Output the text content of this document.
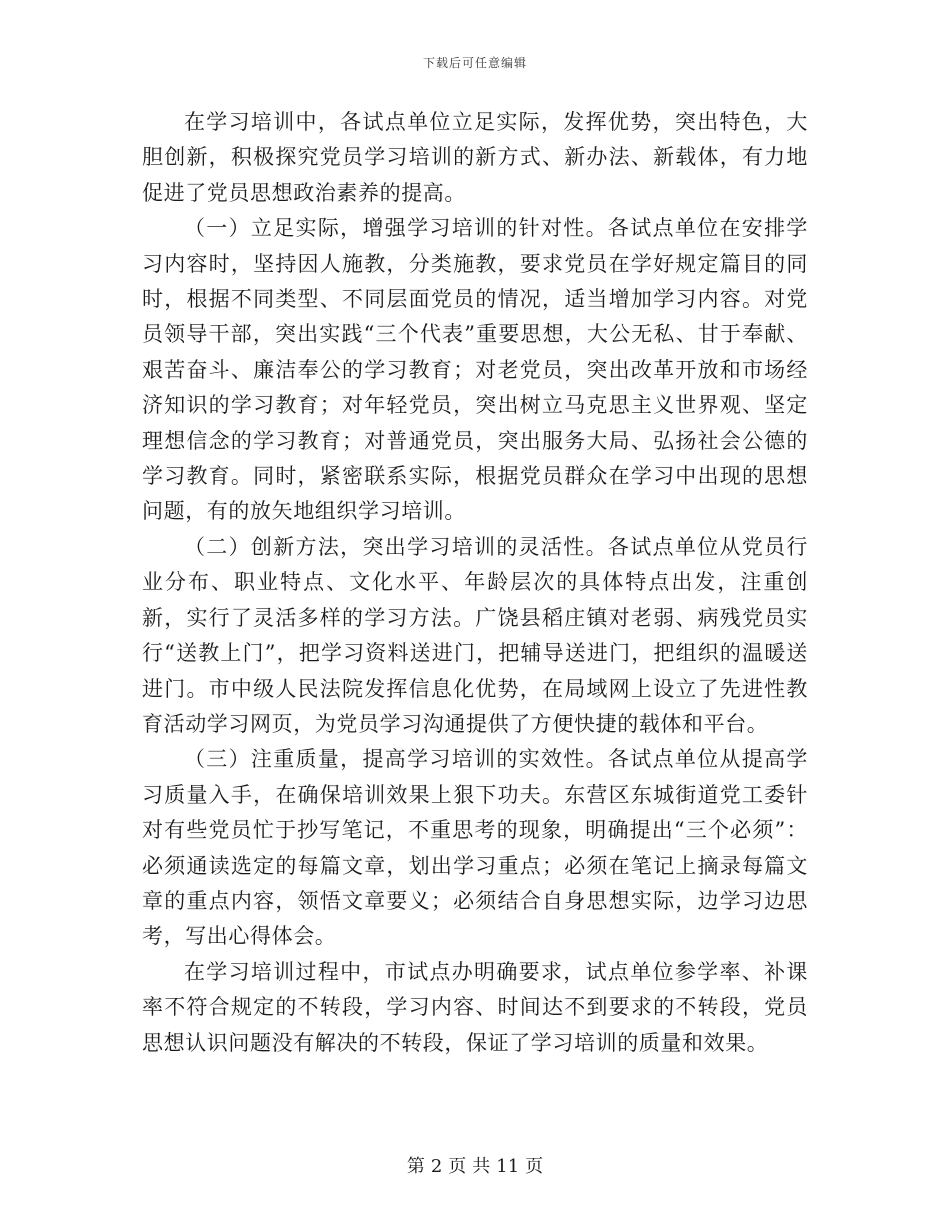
下载后可任意编辑

在学习培训中，各试点单位立足实际，发挥优势，突出特色，大胆创新，积极探究党员学习培训的新方式、新办法、新载体，有力地促进了党员思想政治素养的提高。

（一）立足实际，增强学习培训的针对性。各试点单位在安排学习内容时，坚持因人施教，分类施教，要求党员在学好规定篇目的同时，根据不同类型、不同层面党员的情况，适当增加学习内容。对党员领导干部，突出实践“三个代表”重要思想，大公无私、甘于奉献、艰苦奋斗、廉洁奉公的学习教育；对老党员，突出改革开放和市场经济知识的学习教育；对年轻党员，突出树立马克思主义世界观、坚定理想信念的学习教育；对普通党员，突出服务大局、弘扬社会公德的学习教育。同时，紧密联系实际，根据党员群众在学习中出现的思想问题，有的放矢地组织学习培训。

（二）创新方法，突出学习培训的灵活性。各试点单位从党员行业分布、职业特点、文化水平、年龄层次的具体特点出发，注重创新，实行了灵活多样的学习方法。广饶县稻庄镇对老弱、病残党员实行“送教上门”，把学习资料送进门，把辅导送进门，把组织的温暖送进门。市中级人民法院发挥信息化优势，在局域网上设立了先进性教育活动学习网页，为党员学习沟通提供了方便快捷的载体和平台。

（三）注重质量，提高学习培训的实效性。各试点单位从提高学习质量入手，在确保培训效果上狠下功夫。东营区东城街道党工委针对有些党员忙于抄写笔记，不重思考的现象，明确提出“三个必须”：必须通读选定的每篇文章，划出学习重点；必须在笔记上摘录每篇文章的重点内容，领悟文章要义；必须结合自身思想实际，边学习边思考，写出心得体会。

在学习培训过程中，市试点办明确要求，试点单位参学率、补课率不符合规定的不转段，学习内容、时间达不到要求的不转段，党员思想认识问题没有解决的不转段，保证了学习培训的质量和效果。

第 2 页 共 11 页
